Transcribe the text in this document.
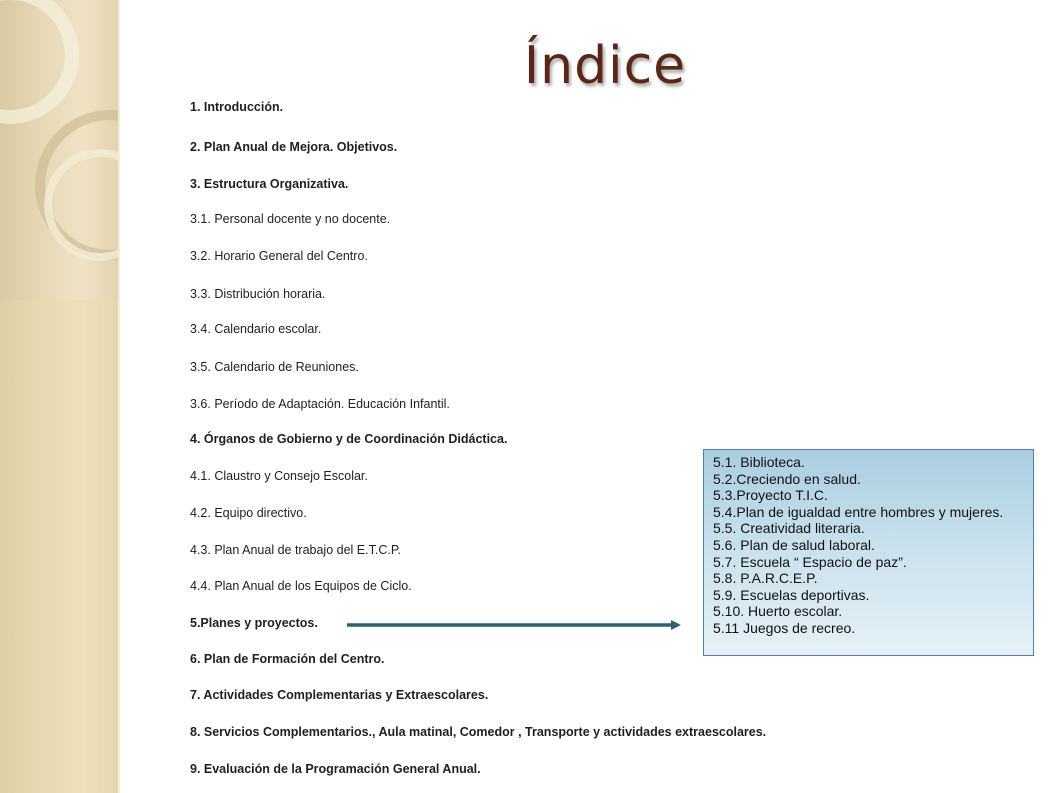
Índice
1. Introducción.
2. Plan Anual de Mejora. Objetivos.
3. Estructura Organizativa.
3.1. Personal docente y no docente.
3.2. Horario General del Centro.
3.3. Distribución horaria.
3.4. Calendario escolar.
3.5. Calendario de Reuniones.
3.6. Período de Adaptación. Educación Infantil.
4. Órganos de Gobierno y de Coordinación Didáctica.
4.1. Claustro y Consejo Escolar.
4.2. Equipo directivo.
4.3. Plan Anual de trabajo del E.T.C.P.
4.4. Plan Anual de los Equipos de Ciclo.
5.Planes y proyectos.
6. Plan de Formación del Centro.
7. Actividades Complementarias y Extraescolares.
8. Servicios Complementarios., Aula matinal, Comedor , Transporte y actividades extraescolares.
9. Evaluación de la Programación General Anual.
5.1. Biblioteca.
5.2.Creciendo en salud.
5.3.Proyecto T.I.C.
5.4.Plan de igualdad entre hombres y mujeres.
5.5. Creatividad literaria.
5.6. Plan de salud laboral.
5.7. Escuela “ Espacio de paz”.
5.8. P.A.R.C.E.P.
5.9. Escuelas deportivas.
5.10. Huerto escolar.
5.11 Juegos de recreo.
